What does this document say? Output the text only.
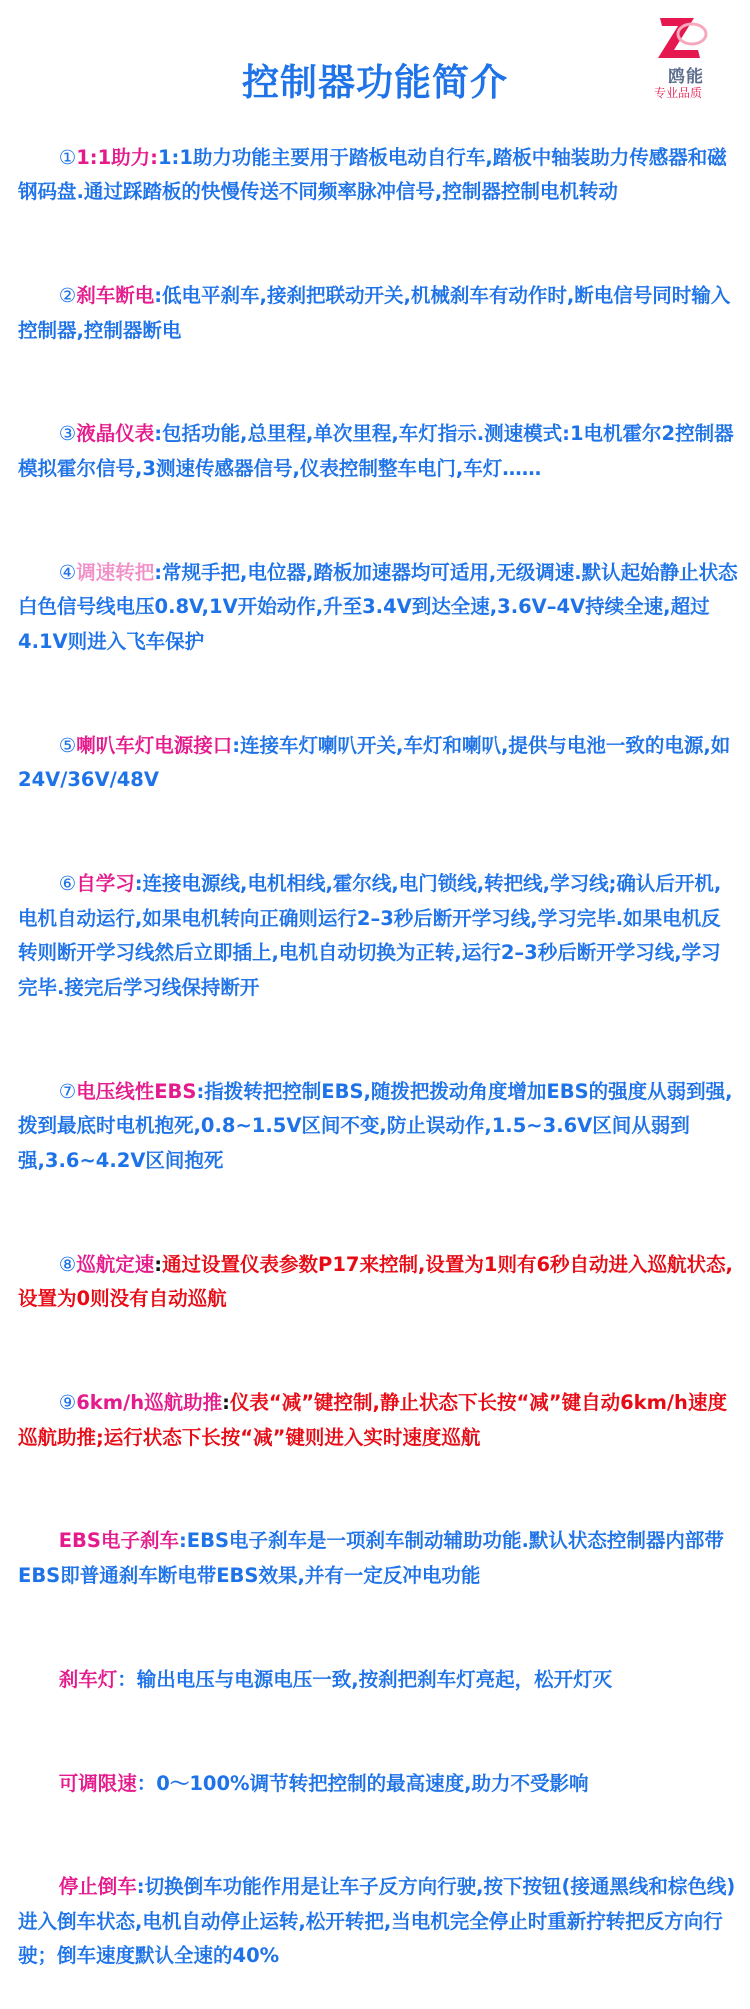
鸥能
专业品质
控制器功能简介

①1:1助力:1:1助力功能主要用于踏板电动自行车,踏板中轴装助力传感器和磁钢码盘.通过踩踏板的快慢传送不同频率脉冲信号,控制器控制电机转动

②刹车断电:低电平刹车,接刹把联动开关,机械刹车有动作时,断电信号同时输入控制器,控制器断电

③液晶仪表:包括功能,总里程,单次里程,车灯指示.测速模式:1电机霍尔2控制器模拟霍尔信号,3测速传感器信号,仪表控制整车电门,车灯……

④调速转把:常规手把,电位器,踏板加速器均可适用,无级调速.默认起始静止状态白色信号线电压0.8V,1V开始动作,升至3.4V到达全速,3.6V–4V持续全速,超过4.1V则进入飞车保护

⑤喇叭车灯电源接口:连接车灯喇叭开关,车灯和喇叭,提供与电池一致的电源,如24V/36V/48V

⑥自学习:连接电源线,电机相线,霍尔线,电门锁线,转把线,学习线;确认后开机,电机自动运行,如果电机转向正确则运行2–3秒后断开学习线,学习完毕.如果电机反转则断开学习线然后立即插上,电机自动切换为正转,运行2–3秒后断开学习线,学习完毕.接完后学习线保持断开

⑦电压线性EBS:指拨转把控制EBS,随拨把拨动角度增加EBS的强度从弱到强,拨到最底时电机抱死,0.8~1.5V区间不变,防止误动作,1.5~3.6V区间从弱到强,3.6~4.2V区间抱死

⑧巡航定速:通过设置仪表参数P17来控制,设置为1则有6秒自动进入巡航状态,设置为0则没有自动巡航

⑨6km/h巡航助推:仪表“减”键控制,静止状态下长按“减”键自动6km/h速度巡航助推;运行状态下长按“减”键则进入实时速度巡航

EBS电子刹车:EBS电子刹车是一项刹车制动辅助功能.默认状态控制器内部带EBS即普通刹车断电带EBS效果,并有一定反冲电功能

刹车灯：输出电压与电源电压一致,按刹把刹车灯亮起，松开灯灭

可调限速：0～100%调节转把控制的最高速度,助力不受影响

停止倒车:切换倒车功能作用是让车子反方向行驶,按下按钮(接通黑线和棕色线)进入倒车状态,电机自动停止运转,松开转把,当电机完全停止时重新拧转把反方向行驶；倒车速度默认全速的40%
